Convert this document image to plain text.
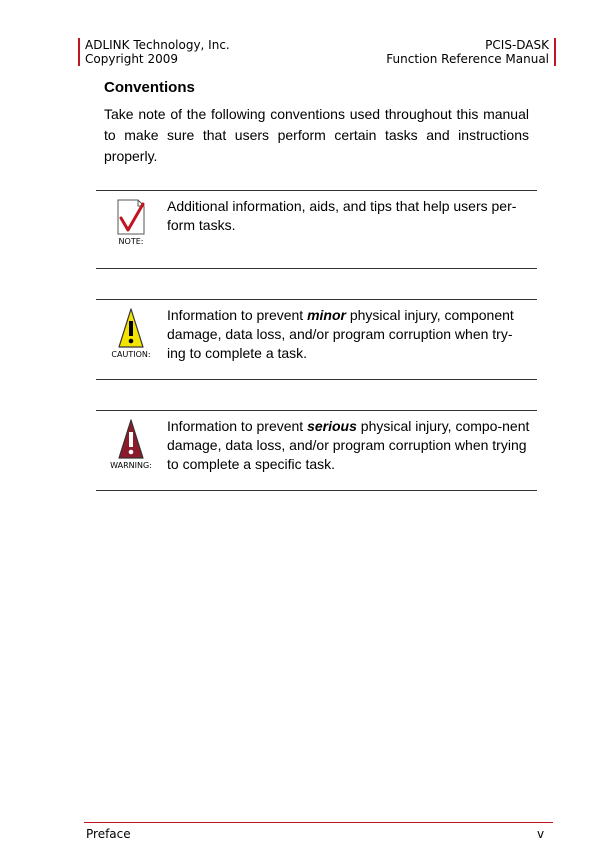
ADLINK Technology, Inc.
Copyright 2009
PCIS-DASK
Function Reference Manual
Conventions

Take note of the following conventions used throughout this manual to make sure that users perform certain tasks and instructions properly.

NOTE:

Additional information, aids, and tips that help users per-form tasks.

CAUTION:

Information to prevent minor physical injury, component damage, data loss, and/or program corruption when try-ing to complete a task.

WARNING:

Information to prevent serious physical injury, compo-nent damage, data loss, and/or program corruption when trying to complete a specific task.

Preface	v
